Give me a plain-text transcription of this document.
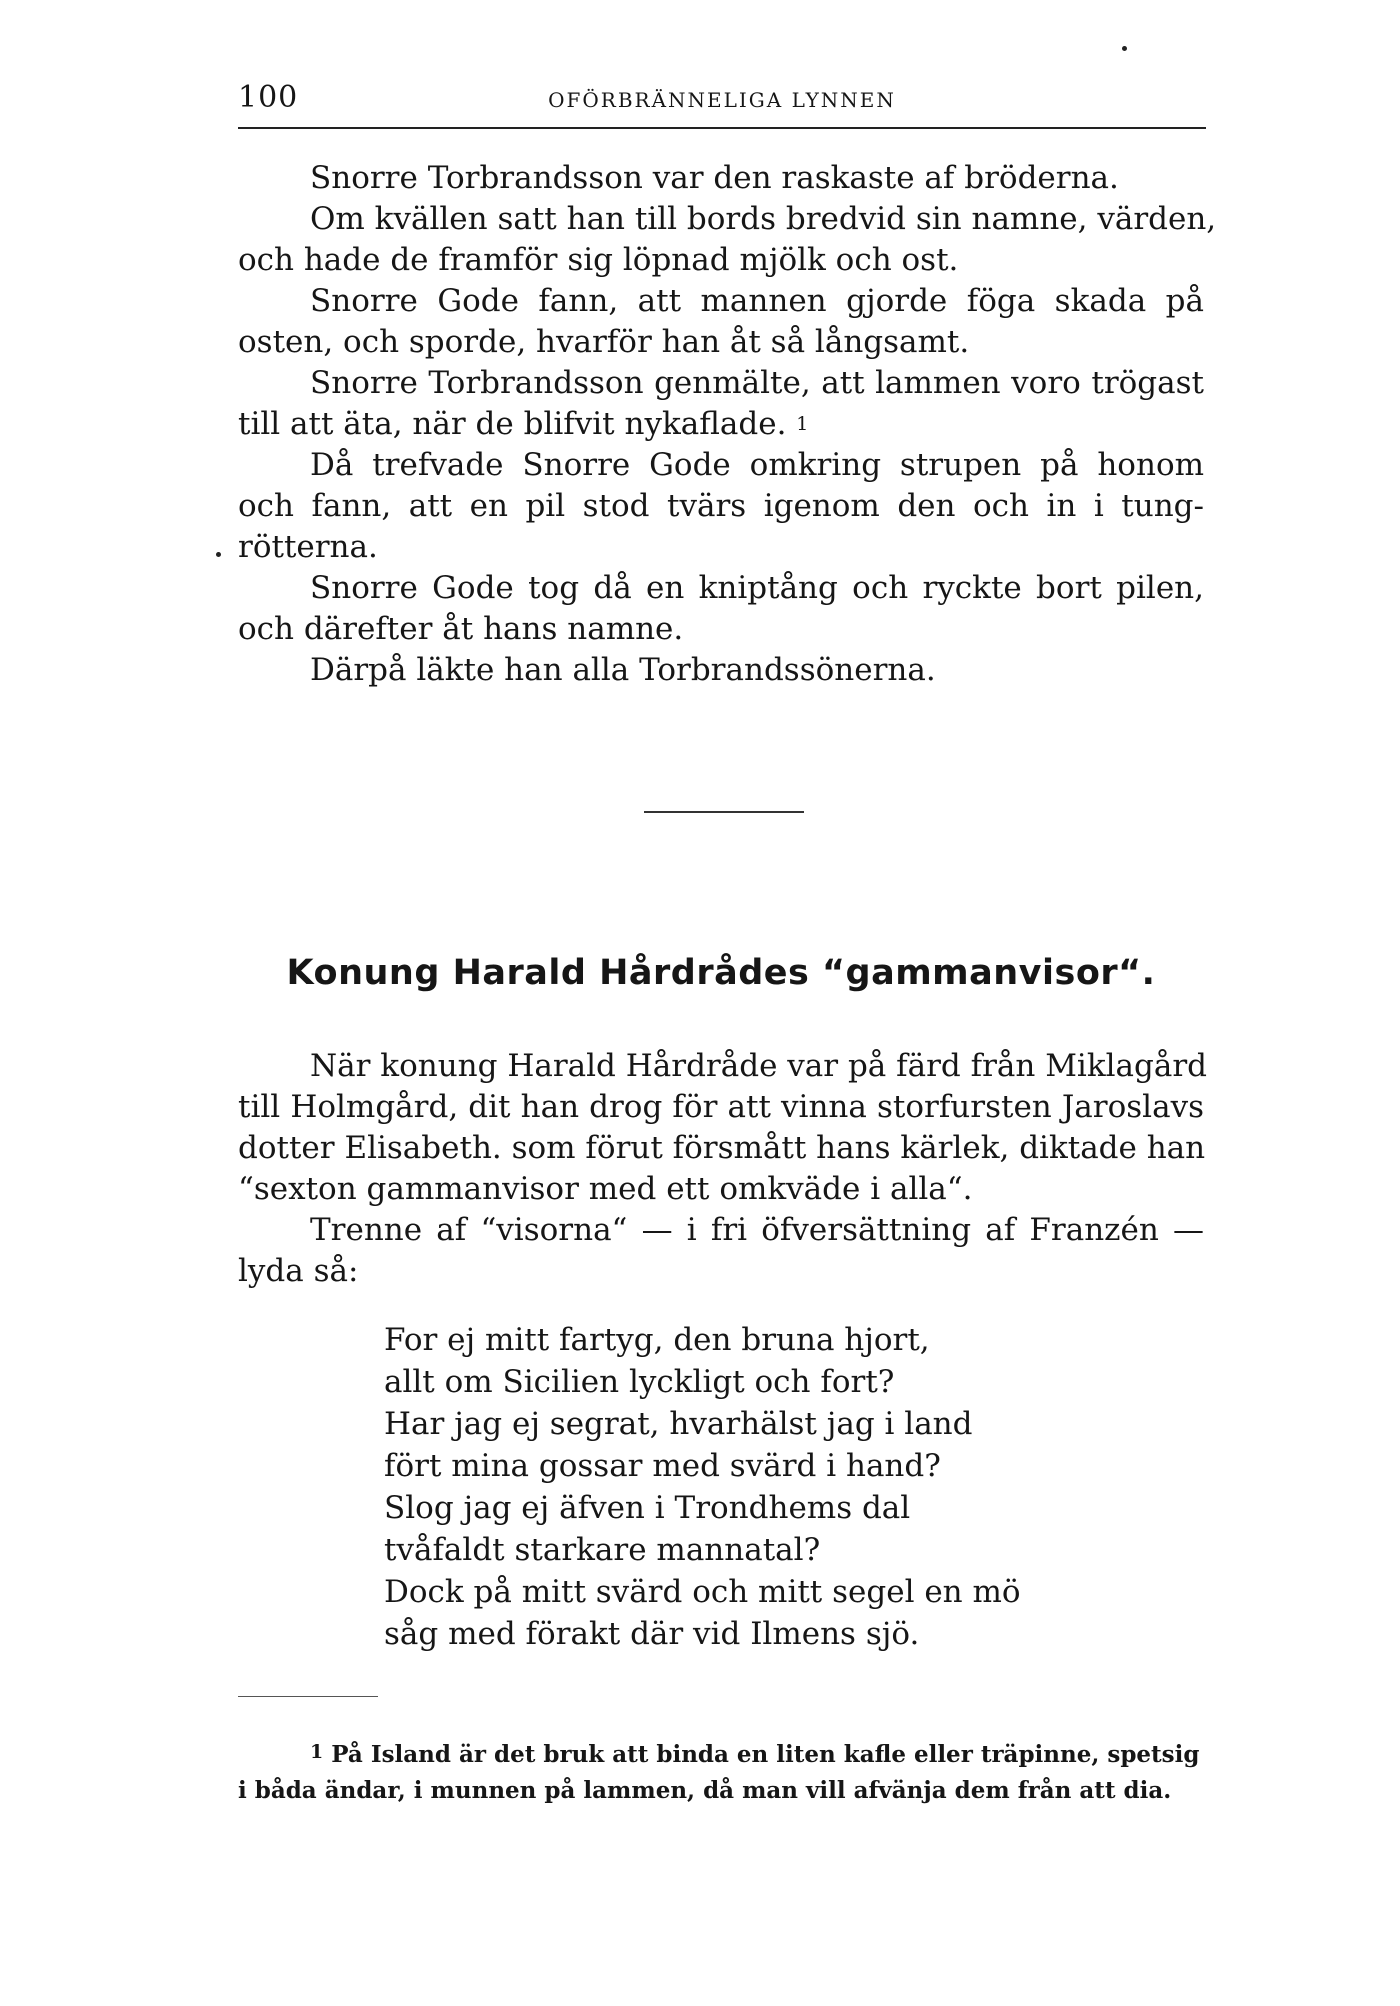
100	OFÖRBRÄNNELIGA LYNNEN
Snorre Torbrandsson var den raskaste af bröderna.
Om kvällen satt han till bords bredvid sin namne, värden,
och hade de framför sig löpnad mjölk och ost.
Snorre Gode fann, att mannen gjorde föga skada på
osten, och sporde, hvarför han åt så långsamt.
Snorre Torbrandsson genmälte, att lammen voro trögast
till att äta, när de blifvit nykaflade. $^1$
Då trefvade Snorre Gode omkring strupen på honom
och fann, att en pil stod tvärs igenom den och in i tung-
rötterna.
Snorre Gode tog då en kniptång och ryckte bort pilen,
och därefter åt hans namne.
Därpå läkte han alla Torbrandssönerna.
Konung Harald Hårdrådes “gammanvisor“.
När konung Harald Hårdråde var på färd från Miklagård
till Holmgård, dit han drog för att vinna storfursten Jaroslavs
dotter Elisabeth. som förut försmått hans kärlek, diktade han
“sexton gammanvisor med ett omkväde i alla“.
Trenne af “visorna“ — i fri öfversättning af Franzén —
lyda så:
For ej mitt fartyg, den bruna hjort,
allt om Sicilien lyckligt och fort?
Har jag ej segrat, hvarhälst jag i land
fört mina gossar med svärd i hand?
Slog jag ej äfven i Trondhems dal
tvåfaldt starkare mannatal?
Dock på mitt svärd och mitt segel en mö
såg med förakt där vid Ilmens sjö.
$^1$ På Island är det bruk att binda en liten kafle eller träpinne, spetsig
i båda ändar, i munnen på lammen, då man vill afvänja dem från att dia.
